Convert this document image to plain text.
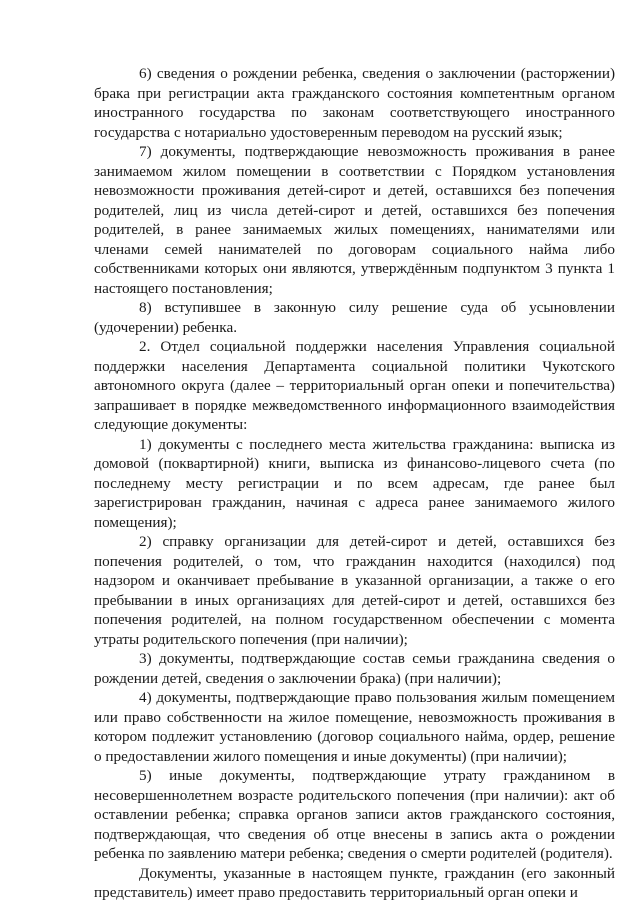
6) сведения о рождении ребенка, сведения о заключении (расторжении) брака при регистрации акта гражданского состояния компетентным органом иностранного государства по законам соответствующего иностранного государства с нотариально удостоверенным переводом на русский язык;

7) документы, подтверждающие невозможность проживания в ранее занимаемом жилом помещении в соответствии с Порядком установления невозможности проживания детей-сирот и детей, оставшихся без попечения родителей, лиц из числа детей-сирот и детей, оставшихся без попечения родителей, в ранее занимаемых жилых помещениях, нанимателями или членами семей нанимателей по договорам социального найма либо собственниками которых они являются, утверждённым подпунктом 3 пункта 1 настоящего постановления;

8) вступившее в законную силу решение суда об усыновлении (удочерении) ребенка.

2. Отдел социальной поддержки населения Управления социальной поддержки населения Департамента социальной политики Чукотского автономного округа (далее – территориальный орган опеки и попечительства) запрашивает в порядке межведомственного информационного взаимодействия следующие документы:

1) документы с последнего места жительства гражданина: выписка из домовой (поквартирной) книги, выписка из финансово-лицевого счета (по последнему месту регистрации и по всем адресам, где ранее был зарегистрирован гражданин, начиная с адреса ранее занимаемого жилого помещения);

2) справку организации для детей-сирот и детей, оставшихся без попечения родителей, о том, что гражданин находится (находился) под надзором и оканчивает пребывание в указанной организации, а также о его пребывании в иных организациях для детей-сирот и детей, оставшихся без попечения родителей, на полном государственном обеспечении с момента утраты родительского попечения (при наличии);

3) документы, подтверждающие состав семьи гражданина сведения о рождении детей, сведения о заключении брака) (при наличии);

4) документы, подтверждающие право пользования жилым помещением или право собственности на жилое помещение, невозможность проживания в котором подлежит установлению (договор социального найма, ордер, решение о предоставлении жилого помещения и иные документы) (при наличии);

5) иные документы, подтверждающие утрату гражданином в несовершеннолетнем возрасте родительского попечения (при наличии): акт об оставлении ребенка; справка органов записи актов гражданского состояния, подтверждающая, что сведения об отце внесены в запись акта о рождении ребенка по заявлению матери ребенка; сведения о смерти родителей (родителя).

Документы, указанные в настоящем пункте, гражданин (его законный представитель) имеет право предоставить территориальный орган опеки и
